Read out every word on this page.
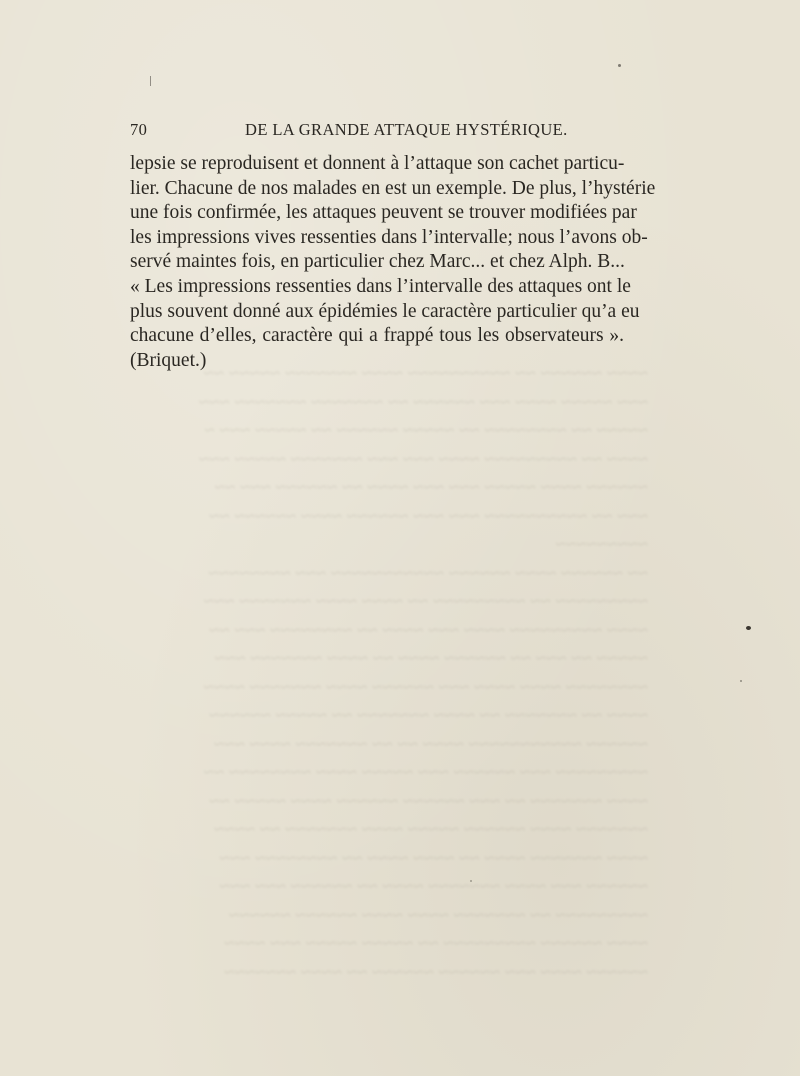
~~~~ ~~~~~~ ~~ ~~~~~~~~~~ ~~~~ ~~~~~~~ ~~~~~ ~~
~~~ ~~~~~ ~~~~ ~~~ ~~~~~~ ~~ ~~~~~~~ ~~~~~~~ ~~~
~~~~~ ~~ ~~~~~~~~ ~~ ~~~~~ ~~~~~~ ~~ ~~~~~ ~~~ ~
~~~~ ~~ ~~~~~~~~~ ~~~~ ~~~ ~~~ ~~~~~~~ ~~~~~ ~~~
~~~~~~ ~~~~ ~~~~~ ~~~ ~~~ ~~~~ ~~ ~~~~~~ ~~~ ~~
~~~ ~~ ~~~~~~~~~~ ~~~ ~~~ ~~~~~~ ~~~~ ~~~~~~ ~~
~~~~~~~~~
~~ ~~~~~~ ~~~~ ~~~~~~ ~~~~~~~~~~~ ~~~ ~~~~~~~~
~~~~~~~~~ ~~ ~~~~~~~~~ ~~ ~~~~ ~~~~ ~~~~~~~ ~~~
~~~~ ~~~~~~~~~ ~~~~ ~~~ ~~~~ ~~ ~~~~~~~~ ~~~ ~~
~~~~~ ~~ ~~~ ~~ ~~~~~~ ~~~~ ~~ ~~~~ ~~~~~~~ ~~~
~~~~~~~~ ~~~~ ~~~~ ~~~ ~~~~~~ ~~~~ ~~~~~~~ ~~~~
~~~~ ~~ ~~~~~~~ ~~ ~~~~ ~~~~~~~ ~~ ~~~~~ ~~~~~~
~~~~~~ ~~~~~~~~~~~ ~~~~ ~~ ~~ ~~~~~~~ ~~~~ ~~~
~~~~~~~~~ ~~~ ~~~~~~ ~~~ ~~~~~ ~~~~ ~~~~~~~~ ~~
~~~~ ~~~~~~~ ~~ ~~~ ~~~~~~ ~~~~~~ ~~~~ ~~~~~ ~~
~~~~~~~ ~~~~ ~~~~~~ ~~~~~ ~~~~ ~~~~~~~ ~~ ~~~~
~~~~ ~~~~~~~ ~~~~ ~~ ~~~~ ~~~~ ~~ ~~~~~~~~ ~~~
~~~~~~ ~~~ ~~~~ ~~~~~~~ ~~~~ ~~ ~~~~~~ ~~~ ~~~
~~~~~~~~~ ~~ ~~~~~~~ ~~~~ ~~~~ ~~~~~~ ~~~~~~
~~~~ ~~~~~~ ~~~~~~~~~ ~~ ~~~~~ ~~~~~ ~~~ ~~~~
~~~~~~ ~~~~ ~~~ ~~~~~~ ~~~~~~ ~~ ~~~~ ~~~~~~~
70	DE LA GRANDE ATTAQUE HYSTÉRIQUE.
lepsie se reproduisent et donnent à l’attaque son cachet particu-
lier. Chacune de nos malades en est un exemple. De plus, l’hystérie
une fois confirmée, les attaques peuvent se trouver modifiées par
les impressions vives ressenties dans l’intervalle; nous l’avons ob-
servé maintes fois, en particulier chez Marc... et chez Alph. B...
« Les impressions ressenties dans l’intervalle des attaques ont le
plus souvent donné aux épidémies le caractère particulier qu’a eu
chacune d’elles, caractère qui a frappé tous les observateurs ».
(Briquet.)
